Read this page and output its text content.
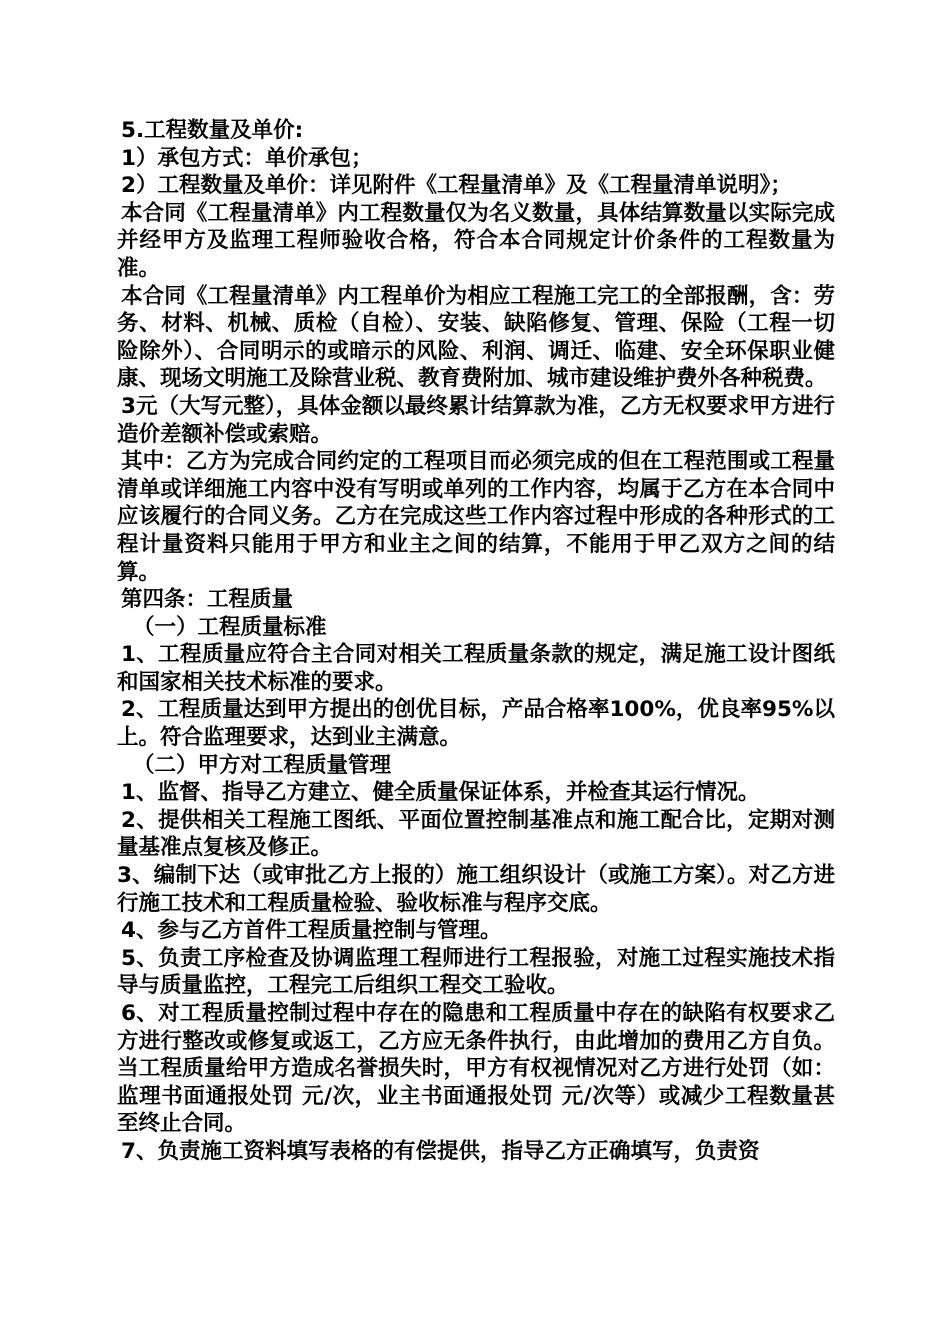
5.工程数量及单价:

1）承包方式：单价承包；

2）工程数量及单价：详见附件《工程量清单》及《工程量清单说明》；

本合同《工程量清单》内工程数量仅为名义数量，具体结算数量以实际完成并经甲方及监理工程师验收合格，符合本合同规定计价条件的工程数量为准。

本合同《工程量清单》内工程单价为相应工程施工完工的全部报酬，含：劳务、材料、机械、质检（自检）、安装、缺陷修复、管理、保险（工程一切险除外）、合同明示的或暗示的风险、利润、调迁、临建、安全环保职业健康、现场文明施工及除营业税、教育费附加、城市建设维护费外各种税费。

3元（大写元整），具体金额以最终累计结算款为准，乙方无权要求甲方进行造价差额补偿或索赔。

其中：乙方为完成合同约定的工程项目而必须完成的但在工程范围或工程量清单或详细施工内容中没有写明或单列的工作内容，均属于乙方在本合同中应该履行的合同义务。乙方在完成这些工作内容过程中形成的各种形式的工程计量资料只能用于甲方和业主之间的结算，不能用于甲乙双方之间的结算。

第四条：工程质量

（一）工程质量标准

1、工程质量应符合主合同对相关工程质量条款的规定，满足施工设计图纸和国家相关技术标准的要求。

2、工程质量达到甲方提出的创优目标，产品合格率100%，优良率95%以上。符合监理要求，达到业主满意。

（二）甲方对工程质量管理

1、监督、指导乙方建立、健全质量保证体系，并检查其运行情况。

2、提供相关工程施工图纸、平面位置控制基准点和施工配合比，定期对测量基准点复核及修正。

3、编制下达（或审批乙方上报的）施工组织设计（或施工方案）。对乙方进行施工技术和工程质量检验、验收标准与程序交底。

4、参与乙方首件工程质量控制与管理。

5、负责工序检查及协调监理工程师进行工程报验，对施工过程实施技术指导与质量监控，工程完工后组织工程交工验收。

6、对工程质量控制过程中存在的隐患和工程质量中存在的缺陷有权要求乙方进行整改或修复或返工，乙方应无条件执行，由此增加的费用乙方自负。当工程质量给甲方造成名誉损失时，甲方有权视情况对乙方进行处罚（如：监理书面通报处罚 元/次，业主书面通报处罚 元/次等）或减少工程数量甚至终止合同。

7、负责施工资料填写表格的有偿提供，指导乙方正确填写，负责资
